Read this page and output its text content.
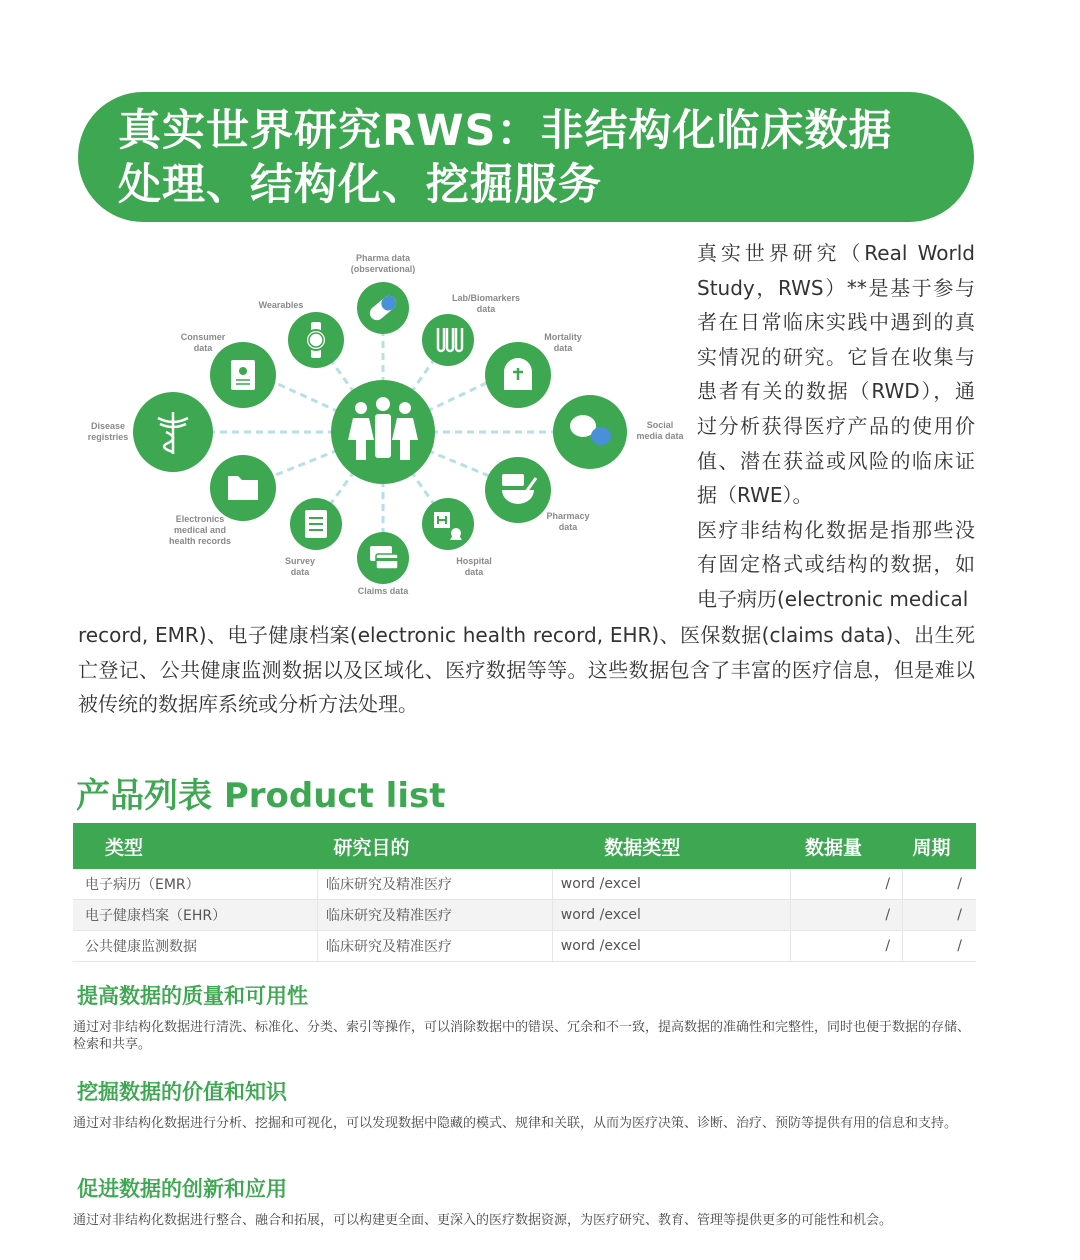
真实世界研究RWS：非结构化临床数据
处理、结构化、挖掘服务
Pharma data
(observational)
Lab/Biomarkers
data
Mortality
data
Social
media data
Pharmacy
data
Hospital
data
Claims data
Survey
data
Electronics
medical and
health records
Disease
registries
Consumer
data
Wearables

真实世界研究（Real World Study，RWS）**是基于参与者在日常临床实践中遇到的真实情况的研究。它旨在收集与患者有关的数据（RWD），通过分析获得医疗产品的使用价值、潜在获益或风险的临床证据（RWE）。

医疗非结构化数据是指那些没有固定格式或结构的数据，如电子病历(electronic medical

record, EMR)、电子健康档案(electronic health record, EHR)、医保数据(claims data)、出生死亡登记、公共健康监测数据以及区域化、医疗数据等等。这些数据包含了丰富的医疗信息，但是难以被传统的数据库系统或分析方法处理。

产品列表 Product list
类型	研究目的	数据类型	数据量	周期
电子病历（EMR）	临床研究及精准医疗	word /excel	/	/
电子健康档案（EHR）	临床研究及精准医疗	word /excel	/	/
公共健康监测数据	临床研究及精准医疗	word /excel	/	/
提高数据的质量和可用性

通过对非结构化数据进行清洗、标准化、分类、索引等操作，可以消除数据中的错误、冗余和不一致，提高数据的准确性和完整性，同时也便于数据的存储、检索和共享。

挖掘数据的价值和知识

通过对非结构化数据进行分析、挖掘和可视化，可以发现数据中隐藏的模式、规律和关联，从而为医疗决策、诊断、治疗、预防等提供有用的信息和支持。

促进数据的创新和应用

通过对非结构化数据进行整合、融合和拓展，可以构建更全面、更深入的医疗数据资源，为医疗研究、教育、管理等提供更多的可能性和机会。
